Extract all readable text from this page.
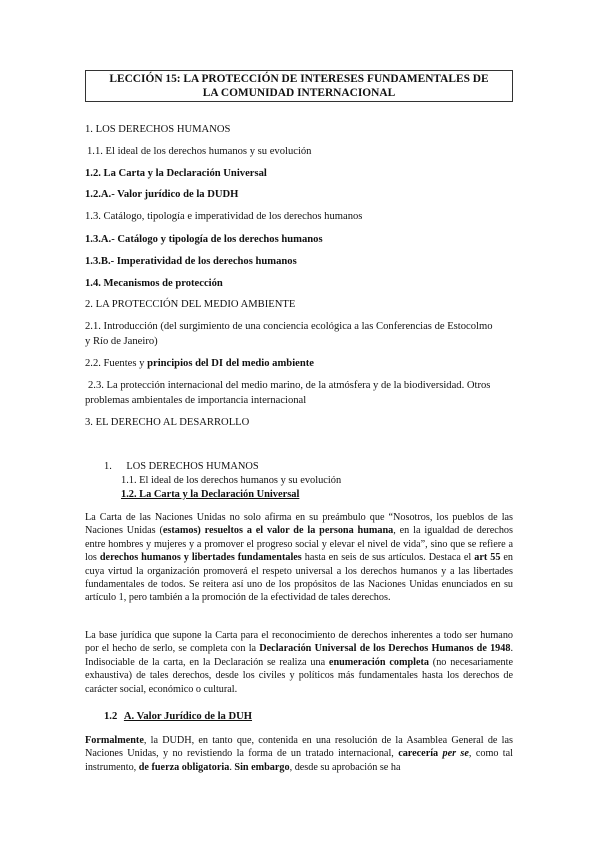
LECCIÓN 15: LA PROTECCIÓN DE INTERESES FUNDAMENTALES DE
LA COMUNIDAD INTERNACIONAL
1. LOS DERECHOS HUMANOS
1.1. El ideal de los derechos humanos y su evolución
1.2. La Carta y la Declaración Universal
1.2.A.- Valor jurídico de la DUDH
1.3. Catálogo, tipología e imperatividad de los derechos humanos
1.3.A.- Catálogo y tipología de los derechos humanos
1.3.B.- Imperatividad de los derechos humanos
1.4. Mecanismos de protección
2. LA PROTECCIÓN DEL MEDIO AMBIENTE
2.1. Introducción (del surgimiento de una conciencia ecológica a las Conferencias de Estocolmo
y Río de Janeiro)
2.2. Fuentes y principios del DI del medio ambiente
2.3. La protección internacional del medio marino, de la atmósfera y de la biodiversidad. Otros
problemas ambientales de importancia internacional
3. EL DERECHO AL DESARROLLO
1. LOS DERECHOS HUMANOS
1.1. El ideal de los derechos humanos y su evolución
1.2. La Carta y la Declaración Universal
La Carta de las Naciones Unidas no solo afirma en su preámbulo que “Nosotros, los pueblos de las Naciones Unidas (estamos) resueltos a el valor de la persona humana, en la igualdad de derechos entre hombres y mujeres y a promover el progreso social y elevar el nivel de vida”, sino que se refiere a los derechos humanos y libertades fundamentales hasta en seis de sus artículos. Destaca el art 55 en cuya virtud la organización promoverá el respeto universal a los derechos humanos y a las libertades fundamentales de todos. Se reitera así uno de los propósitos de las Naciones Unidas enunciados en su artículo 1, pero también a la promoción de la efectividad de tales derechos.
La base jurídica que supone la Carta para el reconocimiento de derechos inherentes a todo ser humano por el hecho de serlo, se completa con la Declaración Universal de los Derechos Humanos de 1948. Indisociable de la carta, en la Declaración se realiza una enumeración completa (no necesariamente exhaustiva) de tales derechos, desde los civiles y políticos más fundamentales hasta los derechos de carácter social, económico o cultural.
1.2 A. Valor Jurídico de la DUH
Formalmente, la DUDH, en tanto que, contenida en una resolución de la Asamblea General de las Naciones Unidas, y no revistiendo la forma de un tratado internacional, carecería per se, como tal instrumento, de fuerza obligatoria. Sin embargo, desde su aprobación se ha
